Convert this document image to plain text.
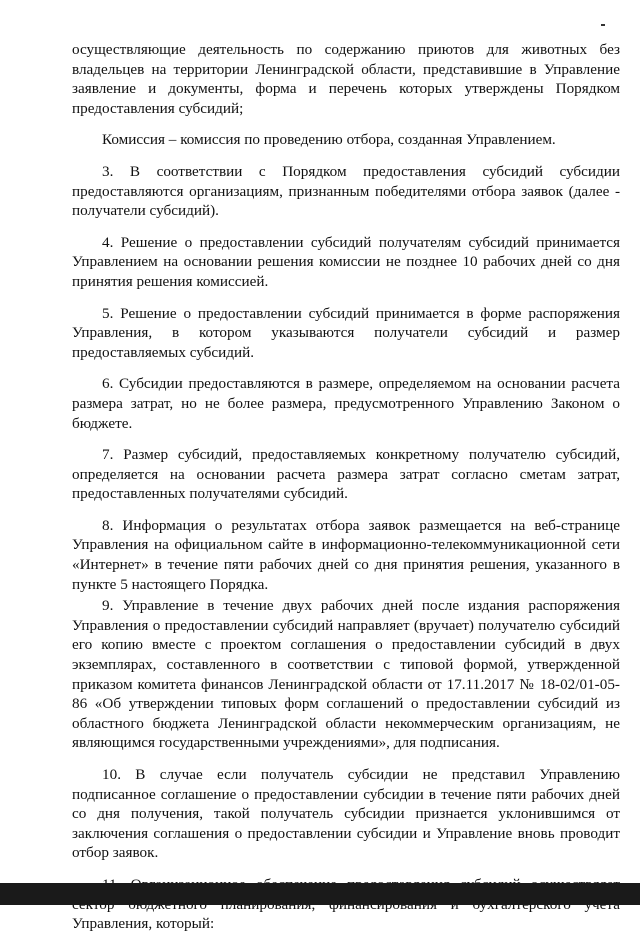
осуществляющие деятельность по содержанию приютов для животных без владельцев на территории Ленинградской области, представившие в Управление заявление и документы, форма и перечень которых утверждены Порядком предоставления субсидий;

Комиссия – комиссия по проведению отбора, созданная Управлением.

3. В соответствии с Порядком предоставления субсидий субсидии предоставляются организациям, признанным победителями отбора заявок (далее - получатели субсидий).

4. Решение о предоставлении субсидий получателям субсидий принимается Управлением на основании решения комиссии не позднее 10 рабочих дней со дня принятия решения комиссией.

5. Решение о предоставлении субсидий принимается в форме распоряжения Управления, в котором указываются получатели субсидий и размер предоставляемых субсидий.

6. Субсидии предоставляются в размере, определяемом на основании расчета размера затрат, но не более размера, предусмотренного Управлению Законом о бюджете.

7. Размер субсидий, предоставляемых конкретному получателю субсидий, определяется на основании расчета размера затрат согласно сметам затрат, предоставленных получателями субсидий.

8. Информация о результатах отбора заявок размещается на веб-странице Управления на официальном сайте в информационно-телекоммуникационной сети «Интернет» в течение пяти рабочих дней со дня принятия решения, указанного в пункте 5 настоящего Порядка.

9. Управление в течение двух рабочих дней после издания распоряжения Управления о предоставлении субсидий направляет (вручает) получателю субсидий его копию вместе с проектом соглашения о предоставлении субсидий в двух экземплярах, составленного в соответствии с типовой формой, утвержденной приказом комитета финансов Ленинградской области от 17.11.2017 № 18-02/01-05-86 «Об утверждении типовых форм соглашений о предоставлении субсидий из областного бюджета Ленинградской области некоммерческим организациям, не являющимся государственными учреждениями», для подписания.

10. В случае если получатель субсидии не представил Управлению подписанное соглашение о предоставлении субсидии в течение пяти рабочих дней со дня получения, такой получатель субсидии признается уклонившимся от заключения соглашения о предоставлении субсидии и Управление вновь проводит отбор заявок.

Управления, который:
